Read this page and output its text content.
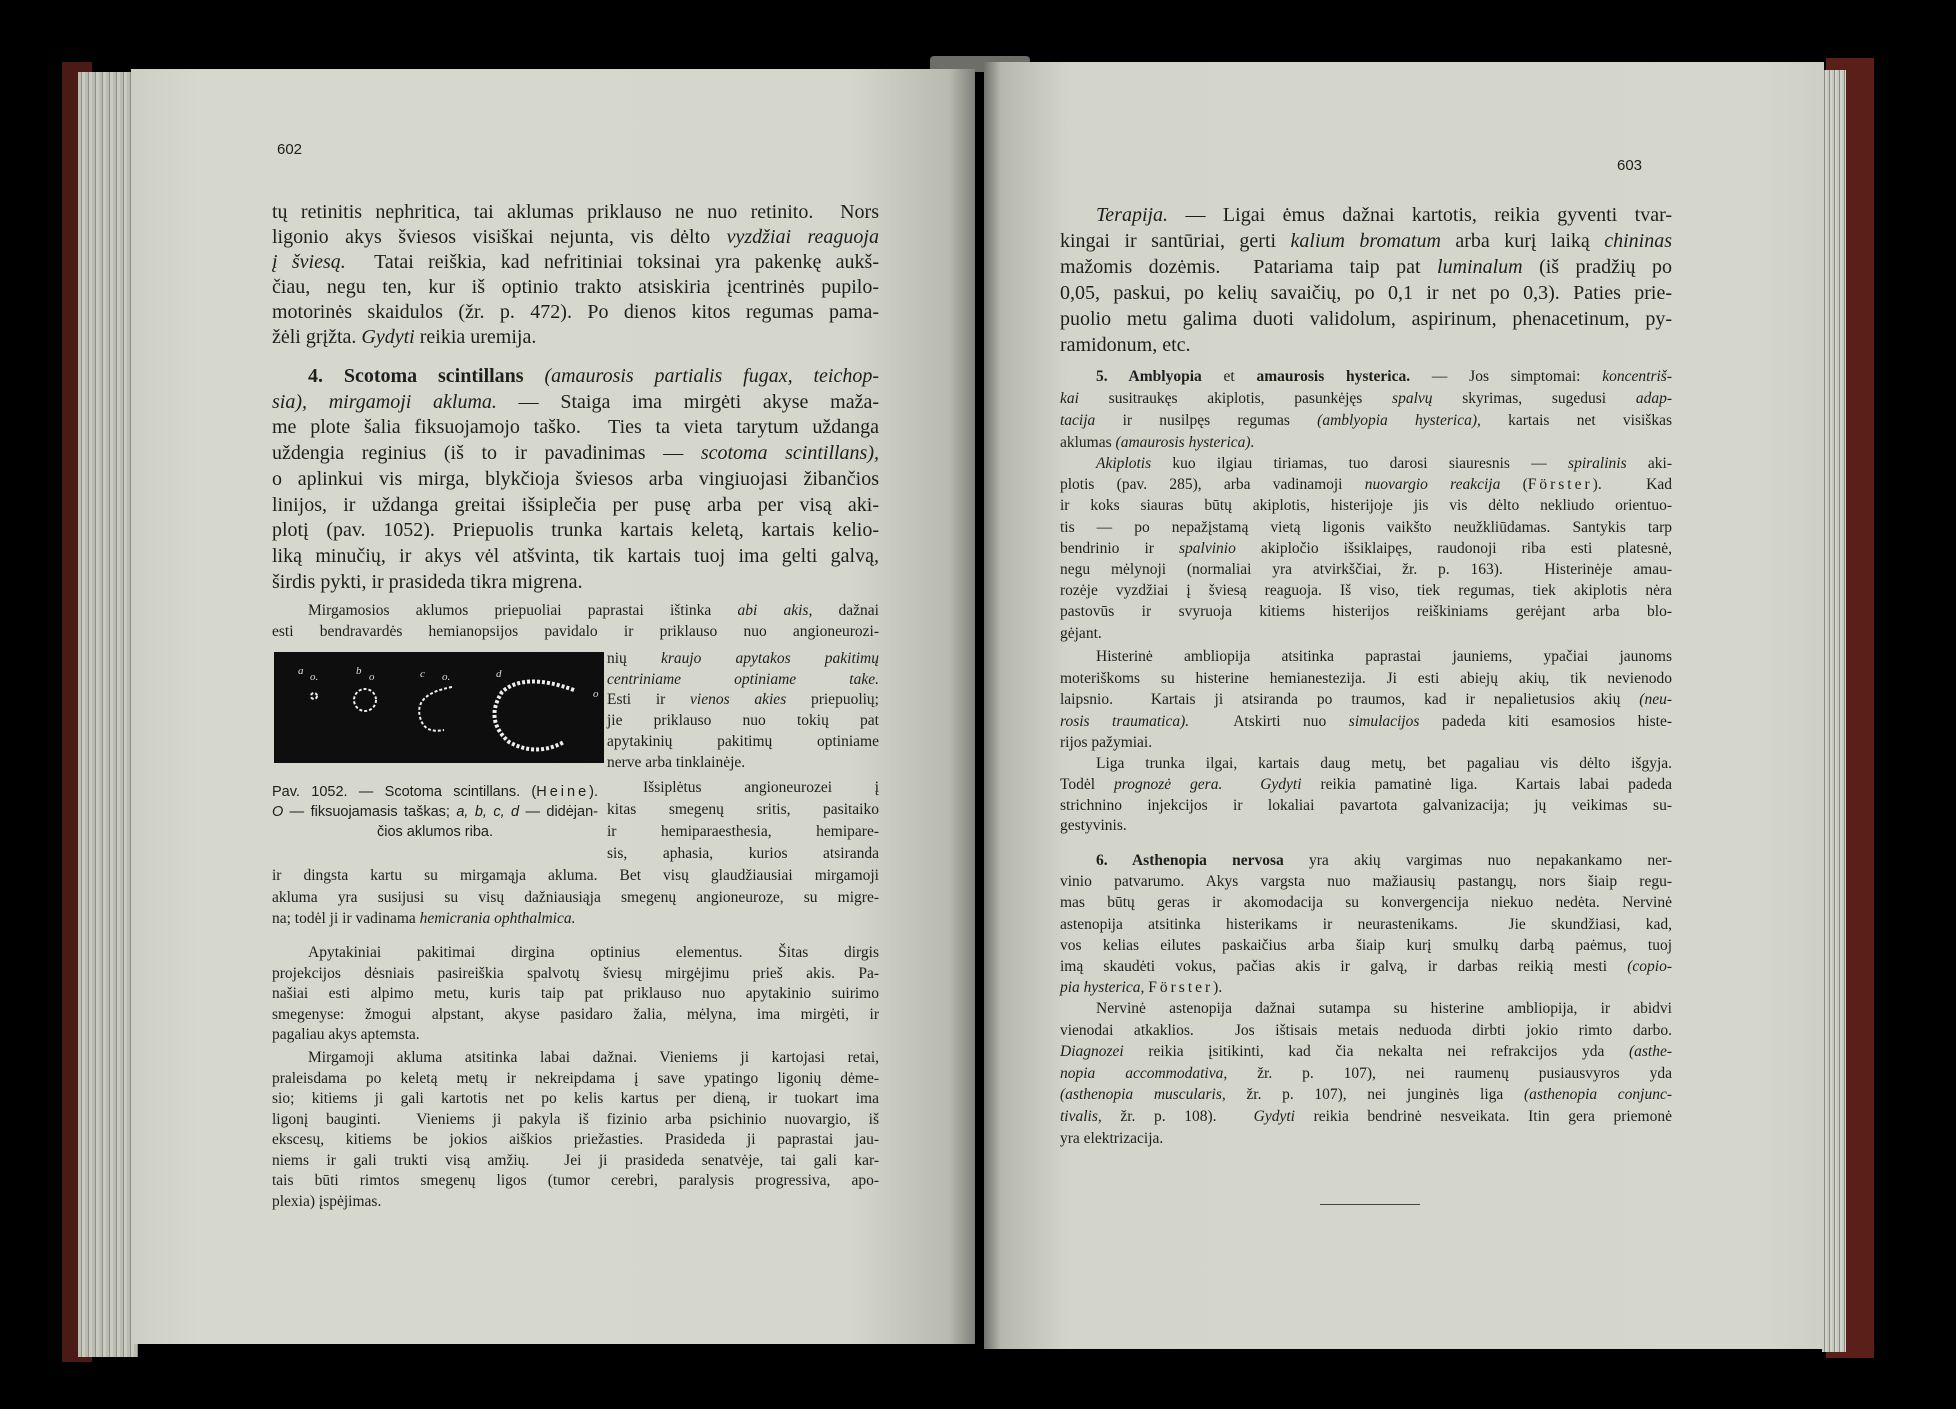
602
603
a o.	b o	c o.	d
o
tų retinitis nephritica, tai aklumas priklauso ne nuo retinito.  Nors
ligonio akys šviesos visiškai nejunta, vis dėlto vyzdžiai reaguoja
į šviesą.  Tatai reiškia, kad nefritiniai toksinai yra pakenkę aukš-
čiau, negu ten, kur iš optinio trakto atsiskiria įcentrinės pupilo-
motorinės skaidulos (žr. p. 472). Po dienos kitos regumas pama-
žėli grįžta. Gydyti reikia uremija.
4. Scotoma scintillans (amaurosis partialis fugax, teichop-
sia), mirgamoji akluma. — Staiga ima mirgėti akyse maža-
me plote šalia fiksuojamojo taško.  Ties ta vieta tarytum uždanga
uždengia reginius (iš to ir pavadinimas — scotoma scintillans),
o aplinkui vis mirga, blykčioja šviesos arba vingiuojasi žibančios
linijos, ir uždanga greitai išsiplečia per pusę arba per visą aki-
plotį (pav. 1052). Priepuolis trunka kartais keletą, kartais kelio-
liką minučių, ir akys vėl atšvinta, tik kartais tuoj ima gelti galvą,
širdis pykti, ir prasideda tikra migrena.
Mirgamosios aklumos priepuoliai paprastai ištinka abi akis, dažnai
esti bendravardės hemianopsijos pavidalo ir priklauso nuo angioneurozi-
nių kraujo apytakos pakitimų
centriniame optiniame take.
Esti ir vienos akies priepuolių;
jie priklauso nuo tokių pat
apytakinių pakitimų optiniame
nerve arba tinklainėje.
Pav. 1052. — Scotoma scintillans. (Heine).
O — fiksuojamasis taškas; a, b, c, d — didėjan-
čios aklumos riba.
Išsiplėtus angioneurozei į
kitas smegenų sritis, pasitaiko
ir hemiparaesthesia, hemipare-
sis, aphasia, kurios atsiranda
ir dingsta kartu su mirgamąja akluma. Bet visų glaudžiausiai mirgamoji
akluma yra susijusi su visų dažniausiąja smegenų angioneuroze, su migre-
na; todėl ji ir vadinama hemicrania ophthalmica.
Apytakiniai pakitimai dirgina optinius elementus. Šitas dirgis
projekcijos dėsniais pasireiškia spalvotų šviesų mirgėjimu prieš akis. Pa-
našiai esti alpimo metu, kuris taip pat priklauso nuo apytakinio suirimo
smegenyse: žmogui alpstant, akyse pasidaro žalia, mėlyna, ima mirgėti, ir
pagaliau akys aptemsta.
Mirgamoji akluma atsitinka labai dažnai. Vieniems ji kartojasi retai,
praleisdama po keletą metų ir nekreipdama į save ypatingo ligonių dėme-
sio; kitiems ji gali kartotis net po kelis kartus per dieną, ir tuokart ima
ligonį bauginti.  Vieniems ji pakyla iš fizinio arba psichinio nuovargio, iš
ekscesų, kitiems be jokios aiškios priežasties. Prasideda ji paprastai jau-
niems ir gali trukti visą amžių.  Jei ji prasideda senatvėje, tai gali kar-
tais būti rimtos smegenų ligos (tumor cerebri, paralysis progressiva, apo-
plexia) įspėjimas.
Terapija. — Ligai ėmus dažnai kartotis, reikia gyventi tvar-
kingai ir santūriai, gerti kalium bromatum arba kurį laiką chininas
mažomis dozėmis.  Patariama taip pat luminalum (iš pradžių po
0,05, paskui, po kelių savaičių, po 0,1 ir net po 0,3). Paties prie-
puolio metu galima duoti validolum, aspirinum, phenacetinum, py-
ramidonum, etc.
5. Amblyopia et amaurosis hysterica. — Jos simptomai: koncentriš-
kai susitraukęs akiplotis, pasunkėjęs spalvų skyrimas, sugedusi adap-
tacija ir nusilpęs regumas (amblyopia hysterica), kartais net visiškas
aklumas (amaurosis hysterica).
Akiplotis kuo ilgiau tiriamas, tuo darosi siauresnis — spiralinis aki-
plotis (pav. 285), arba vadinamoji nuovargio reakcija (Förster).  Kad
ir koks siauras būtų akiplotis, histerijoje jis vis dėlto nekliudo orientuo-
tis — po nepažįstamą vietą ligonis vaikšto neužkliūdamas. Santykis tarp
bendrinio ir spalvinio akipločio išsiklaipęs, raudonoji riba esti platesnė,
negu mėlynoji (normaliai yra atvirkščiai, žr. p. 163).  Histerinėje amau-
rozėje vyzdžiai į šviesą reaguoja. Iš viso, tiek regumas, tiek akiplotis nėra
pastovūs ir svyruoja kitiems histerijos reiškiniams gerėjant arba blo-
gėjant.
Histerinė ambliopija atsitinka paprastai jauniems, ypačiai jaunoms
moteriškoms su histerine hemianestezija. Ji esti abiejų akių, tik nevienodo
laipsnio.  Kartais ji atsiranda po traumos, kad ir nepalietusios akių (neu-
rosis traumatica).  Atskirti nuo simulacijos padeda kiti esamosios histe-
rijos pažymiai.
Liga trunka ilgai, kartais daug metų, bet pagaliau vis dėlto išgyja.
Todėl prognozė gera. Gydyti reikia pamatinė liga.  Kartais labai padeda
strichnino injekcijos ir lokaliai pavartota galvanizacija; jų veikimas su-
gestyvinis.
6. Asthenopia nervosa yra akių vargimas nuo nepakankamo ner-
vinio patvarumo. Akys vargsta nuo mažiausių pastangų, nors šiaip regu-
mas būtų geras ir akomodacija su konvergencija niekuo nedėta. Nervinė
astenopija atsitinka histerikams ir neurastenikams.  Jie skundžiasi, kad,
vos kelias eilutes paskaičius arba šiaip kurį smulkų darbą paėmus, tuoj
imą skaudėti vokus, pačias akis ir galvą, ir darbas reikią mesti (copio-
pia hysterica, Förster).
Nervinė astenopija dažnai sutampa su histerine ambliopija, ir abidvi
vienodai atkaklios.  Jos ištisais metais neduoda dirbti jokio rimto darbo.
Diagnozei reikia įsitikinti, kad čia nekalta nei refrakcijos yda (asthe-
nopia accommodativa, žr. p. 107), nei raumenų pusiausvyros yda
(asthenopia muscularis, žr. p. 107), nei junginės liga (asthenopia conjunc-
tivalis, žr. p. 108).  Gydyti reikia bendrinė nesveikata. Itin gera priemonė
yra elektrizacija.
